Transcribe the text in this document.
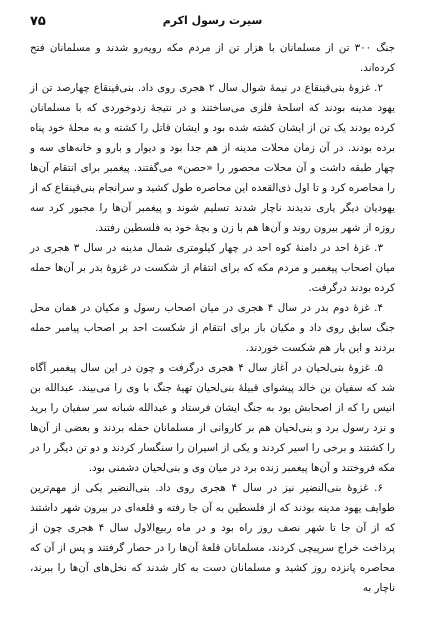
۷۵	سیرت رسول اکرم

جنگ ۳۰۰ تن از مسلمانان با هزار تن از مردم مکه رویه‌رو شدند و مسلمانان فتح کرده‌اند.

۲. غزوهٔ بنی‌قینقاع در نیمهٔ شوال سال ۲ هجری روی داد. بنی‌قینقاع چهارصد تن از یهود مدینه بودند که اسلحهٔ فلزی می‌ساختند و در نتیجهٔ زدوخوردی که با مسلمانان کرده بودند یک تن از ایشان کشته شده بود و ایشان قاتل را کشته و به محلهٔ خود پناه برده بودند. در آن زمان محلات مدینه از هم جدا بود و دیوار و بارو و خانه‌های سه و چهار طبقه داشت و آن محلات محصور را «حصن» می‌گفتند. پیغمبر برای انتقام آن‌ها را محاصره کرد و تا اول ذی‌القعده این محاصره طول کشید و سرانجام بنی‌قینقاع که از یهودیان دیگر یاری ندیدند ناچار شدند تسلیم شوند و پیغمبر آن‌ها را مجبور کرد سه روزه از شهر بیرون روند و آن‌ها هم با زن و بچهٔ خود به فلسطین رفتند.

۳. غزهٔ احد در دامنهٔ کوه احد در چهار کیلومتری شمال مدینه در سال ۳ هجری در میان اصحاب پیغمبر و مردم مکه که برای انتقام از شکست در غزوهٔ بدر بر آن‌ها حمله کرده بودند درگرفت.

۴. غزهٔ دوم بدر در سال ۴ هجری در میان اصحاب رسول و مکیان در همان محل جنگ سابق روی داد و مکیان باز برای انتقام از شکست احد بر اصحاب پیامبر حمله بردند و این بار هم شکست خوردند.

۵. غزوهٔ بنی‌لحیان در آغاز سال ۴ هجری درگرفت و چون در این سال پیغمبر آگاه شد که سفیان بن خالد پیشوای قبیلهٔ بنی‌لحیان تهیهٔ جنگ با وی را می‌بیند. عبدالله بن انیس را که از اصحابش بود به جنگ ایشان فرستاد و عبدالله شبانه سر سفیان را برید و نزد رسول برد و بنی‌لحیان هم بر کاروانی از مسلمانان حمله بردند و بعضی از آن‌ها را کشتند و برخی را اسیر کردند و یکی از اسیران را سنگسار کردند و دو تن دیگر را در مکه فروختند و آن‌ها پیغمبر زنده برد در میان وی و بنی‌لحیان دشمنی بود.

۶. غزوهٔ بنی‌النضیر نیز در سال ۴ هجری روی داد. بنی‌النضیر یکی از مهم‌ترین طوایف یهود مدینه بودند که از فلسطین به آن جا رفته و قلعه‌ای در بیرون شهر داشتند که از آن جا تا شهر نصف روز راه بود و در ماه ربیع‌الاول سال ۴ هجری چون از پرداخت خراج سرپیچی کردند، مسلمانان قلعهٔ آن‌ها را در حصار گرفتند و پس از آن که محاصره پانزده روز کشید و مسلمانان دست به کار شدند که نخل‌های آن‌ها را ببرند، ناچار به
